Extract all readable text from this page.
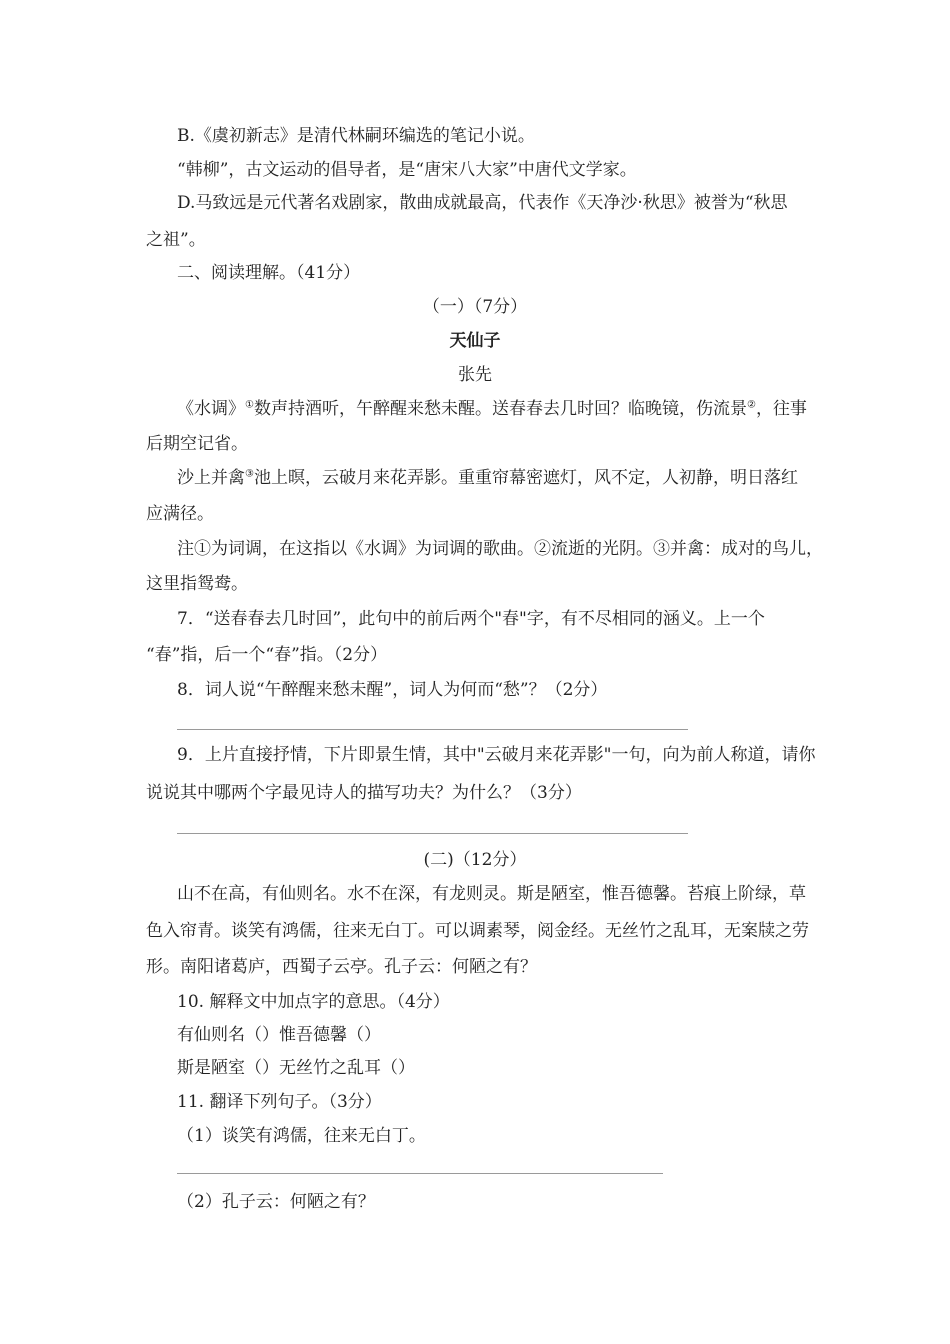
B.《虞初新志》是清代林嗣环编选的笔记小说。
“韩柳”，古文运动的倡导者，是“唐宋八大家”中唐代文学家。
D.马致远是元代著名戏剧家，散曲成就最高，代表作《天净沙·秋思》被誉为“秋思
之祖”。
二、阅读理解。（41分）
（一）（7分）
天仙子
张先
《水调》①数声持酒听，午醉醒来愁未醒。送春春去几时回？临晚镜，伤流景②，往事
后期空记省。
沙上并禽③池上暝，云破月来花弄影。重重帘幕密遮灯，风不定，人初静，明日落红
应满径。
注①为词调，在这指以《水调》为词调的歌曲。②流逝的光阴。③并禽：成对的鸟儿，
这里指鸳鸯。
7．“送春春去几时回”，此句中的前后两个"春"字，有不尽相同的涵义。上一个
“春”指，后一个“春”指。（2分）
8．词人说“午醉醒来愁未醒”，词人为何而“愁”？（2分）
9．上片直接抒情，下片即景生情，其中"云破月来花弄影"一句，向为前人称道，请你
说说其中哪两个字最见诗人的描写功夫？为什么？（3分）
(二)（12分）
山不在高，有仙则名。水不在深，有龙则灵。斯是陋室，惟吾德馨。苔痕上阶绿，草
色入帘青。谈笑有鸿儒，往来无白丁。可以调素琴，阅金经。无丝竹之乱耳，无案牍之劳
形。南阳诸葛庐，西蜀子云亭。孔子云：何陋之有？
10. 解释文中加点字的意思。（4分）
有仙则名（）惟吾德馨（）
斯是陋室（）无丝竹之乱耳（）
11. 翻译下列句子。（3分）
（1）谈笑有鸿儒，往来无白丁。
（2）孔子云：何陋之有？
